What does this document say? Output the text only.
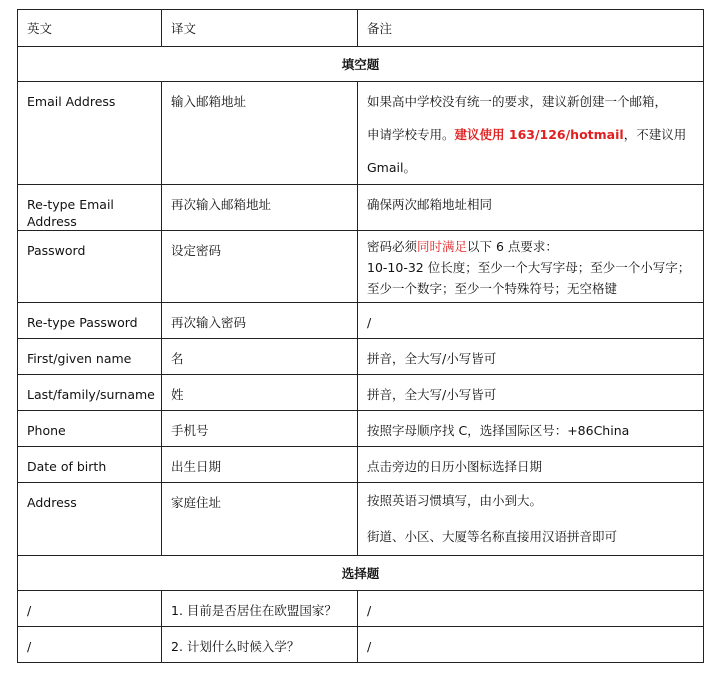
英文	译文	备注
填空题		
Email Address	输入邮箱地址	如果高中学校没有统一的要求，建议新创建一个邮箱，
申请学校专用。建议使用 163/126/hotmail，不建议用
Gmail。

Re-type Email Address	再次输入邮箱地址	确保两次邮箱地址相同
Password	设定密码	密码必须同时满足以下 6 点要求：
10-10-32 位长度；至少一个大写字母；至少一个小写字；
至少一个数字；至少一个特殊符号；无空格键

Re-type Password	再次输入密码	/
First/given name	名	拼音，全大写/小写皆可
Last/family/surname	姓	拼音，全大写/小写皆可
Phone	手机号	按照字母顺序找 C，选择国际区号：+86China
Date of birth	出生日期	点击旁边的日历小图标选择日期
Address	家庭住址	按照英语习惯填写，由小到大。
街道、小区、大厦等名称直接用汉语拼音即可

选择题		
/	1. 目前是否居住在欧盟国家？	/
/	2. 计划什么时候入学？	/
